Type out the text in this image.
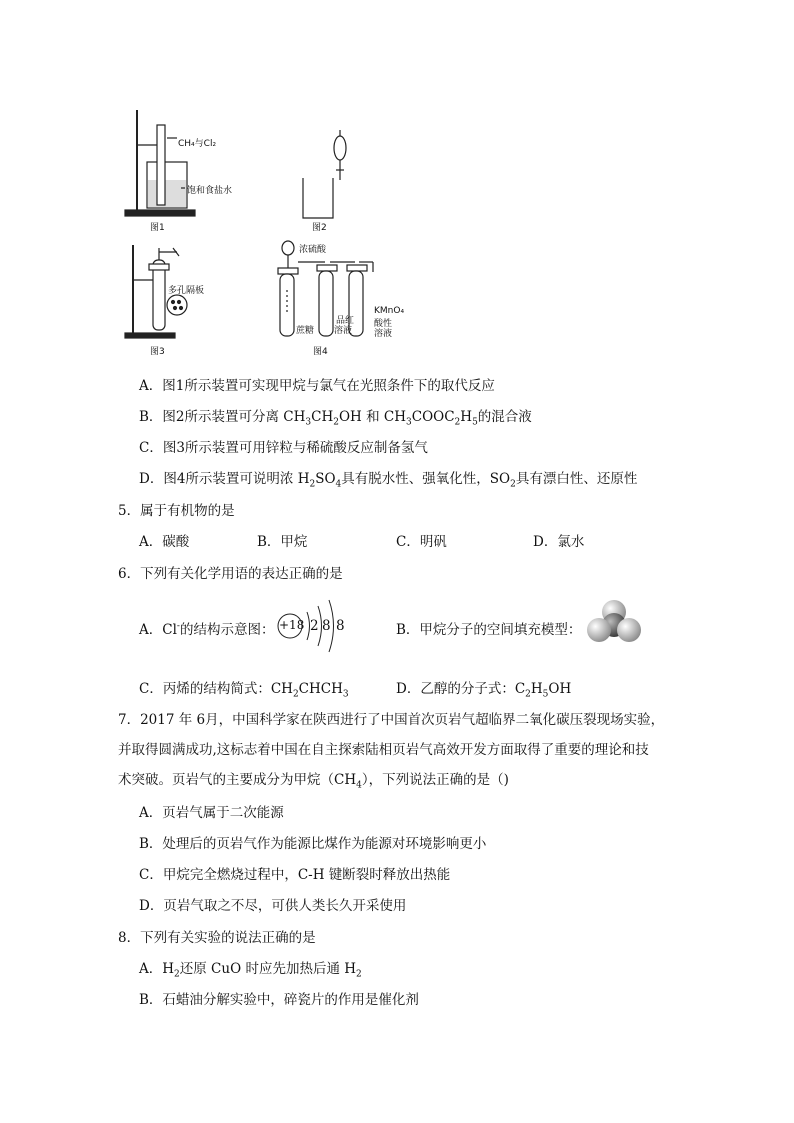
CH₄与Cl₂
饱和食盐水
图1	图2
多孔隔板
图3
浓硫酸
蔗糖
品红
溶液
KMnO₄
酸性
溶液
图4
A．图1所示装置可实现甲烷与氯气在光照条件下的取代反应
B．图2所示装置可分离 $CH_3CH_2OH$ 和 $CH_3COOC_2H_5$的混合液
C．图3所示装置可用锌粒与稀硫酸反应制备氢气
D．图4所示装置可说明浓 $H_2SO_4$具有脱水性、强氧化性，$SO_2$具有漂白性、还原性
5．属于有机物的是
A．碳酸	B．甲烷	C．明矾	D．氯水
6．下列有关化学用语的表达正确的是
A．Cl-的结构示意图： +18 2 8 8	B．甲烷分子的空间填充模型：
C．丙烯的结构简式：$CH_2CHCH_3$	D．乙醇的分子式：$C_2H_5OH$
7．2017 年 6月，中国科学家在陕西进行了中国首次页岩气超临界二氧化碳压裂现场实验，
并取得圆满成功,这标志着中国在自主探索陆相页岩气高效开发方面取得了重要的理论和技
术突破。页岩气的主要成分为甲烷$(CH_4)$，下列说法正确的是（)
A．页岩气属于二次能源
B．处理后的页岩气作为能源比煤作为能源对环境影响更小
C．甲烷完全燃烧过程中，C-H 键断裂时释放出热能
D．页岩气取之不尽，可供人类长久开采使用
8．下列有关实验的说法正确的是
A．$H_2$还原 CuO 时应先加热后通 $H_2$
B．石蜡油分解实验中，碎瓷片的作用是催化剂
